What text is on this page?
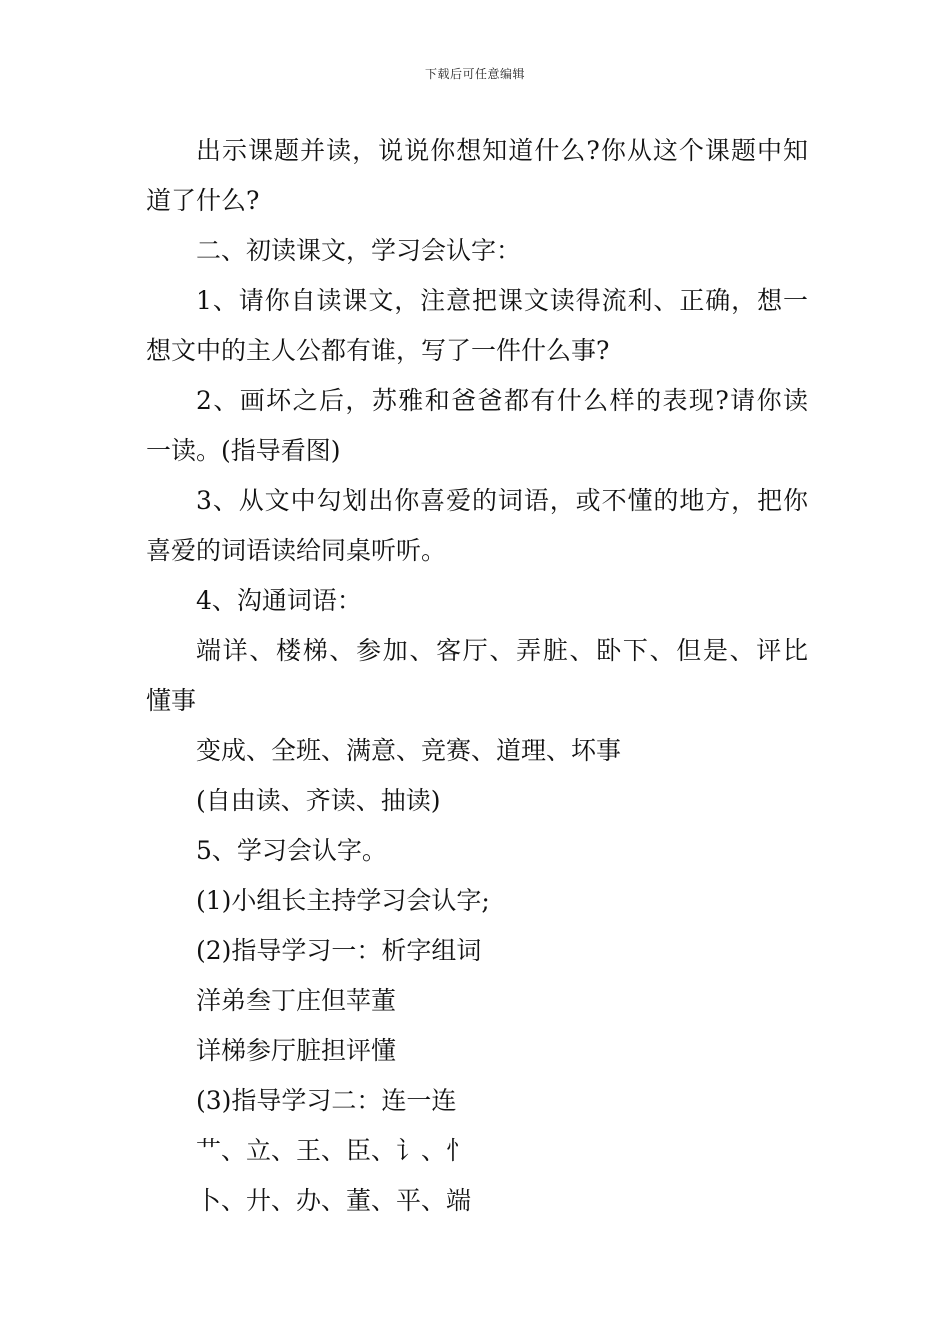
下载后可任意编辑

出示课题并读，说说你想知道什么?你从这个课题中知

道了什么?

二、初读课文，学习会认字：

1、请你自读课文，注意把课文读得流利、正确，想一

想文中的主人公都有谁，写了一件什么事?

2、画坏之后，苏雅和爸爸都有什么样的表现?请你读

一读。(指导看图)

3、从文中勾划出你喜爱的词语，或不懂的地方，把你

喜爱的词语读给同桌听听。

4、沟通词语：

端详、楼梯、参加、客厅、弄脏、卧下、但是、评比

懂事

变成、全班、满意、竞赛、道理、坏事

(自由读、齐读、抽读)

5、学习会认字。

(1)小组长主持学习会认字;

(2)指导学习一：析字组词

洋弟叁丁庄但苹董

详梯参厅脏担评懂

(3)指导学习二：连一连

艹、立、王、臣、讠、忄

卜、廾、办、董、平、端
